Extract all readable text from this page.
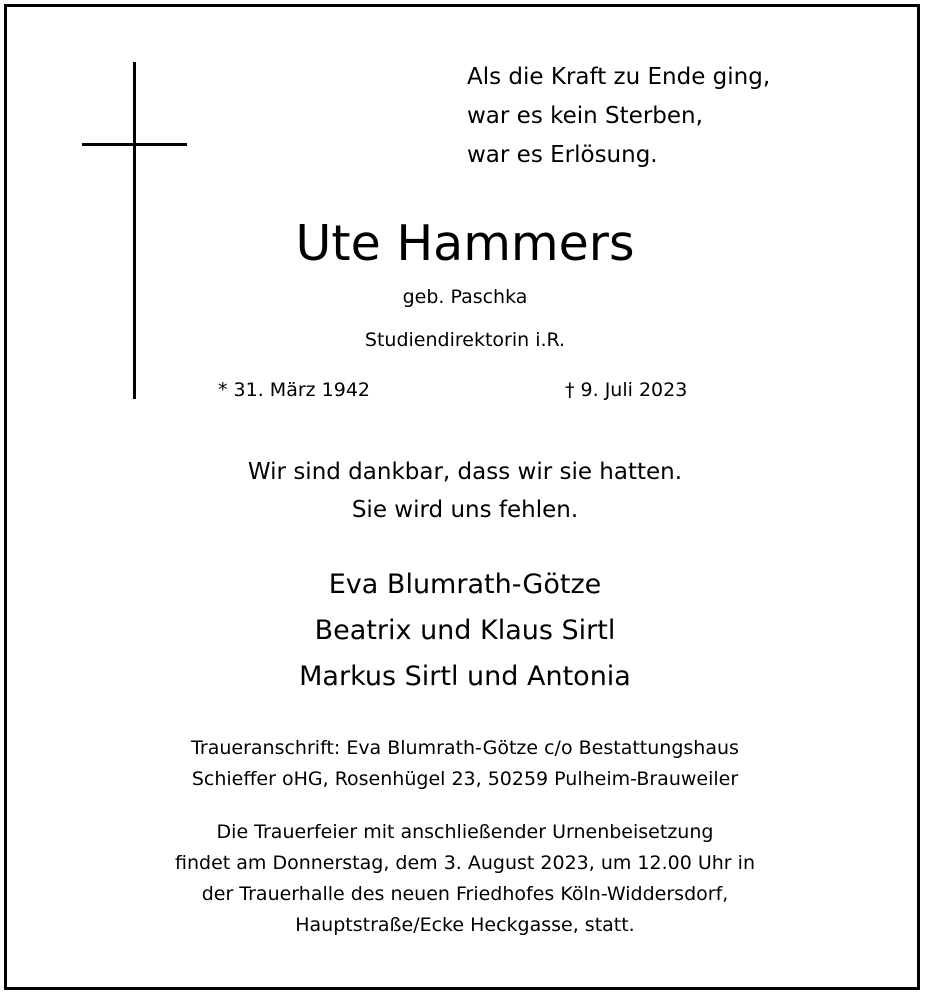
Als die Kraft zu Ende ging,
war es kein Sterben,
war es Erlösung.
Ute Hammers
geb. Paschka
Studiendirektorin i.R.
* 31. März 1942	† 9. Juli 2023
Wir sind dankbar, dass wir sie hatten.
Sie wird uns fehlen.
Eva Blumrath-Götze
Beatrix und Klaus Sirtl
Markus Sirtl und Antonia
Traueranschrift: Eva Blumrath-Götze c/o Bestattungshaus
Schieffer oHG, Rosenhügel 23, 50259 Pulheim-Brauweiler
Die Trauerfeier mit anschließender Urnenbeisetzung
findet am Donnerstag, dem 3. August 2023, um 12.00 Uhr in
der Trauerhalle des neuen Friedhofes Köln-Widdersdorf,
Hauptstraße/Ecke Heckgasse, statt.
